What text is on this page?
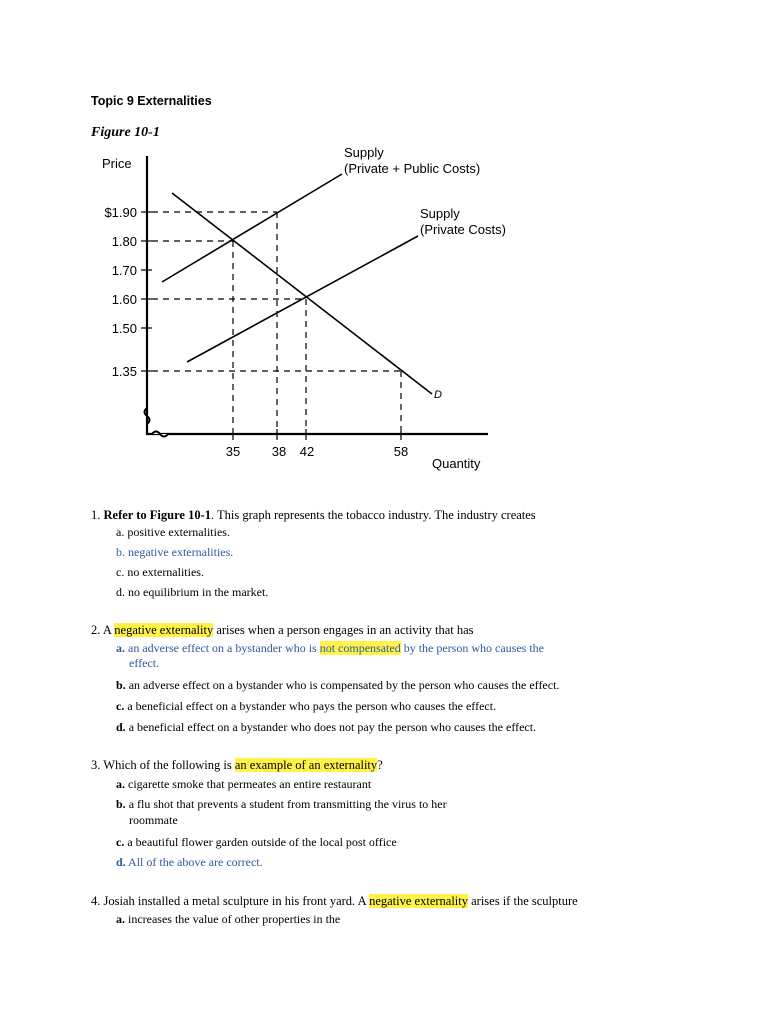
Topic 9 Externalities
Figure 10-1
Price
$1.90
1.80
1.70
1.60
1.50
1.35
35 38 42	58
Quantity
Supply
(Private + Public Costs)
Supply
(Private Costs)
D
1. Refer to Figure 10-1. This graph represents the tobacco industry. The industry creates
a. positive externalities.
b. negative externalities.
c. no externalities.
d. no equilibrium in the market.
2. A negative externality arises when a person engages in an activity that has
a. an adverse effect on a bystander who is not compensated by the person who causes the
effect.
b. an adverse effect on a bystander who is compensated by the person who causes the effect.
c. a beneficial effect on a bystander who pays the person who causes the effect.
d. a beneficial effect on a bystander who does not pay the person who causes the effect.
3. Which of the following is an example of an externality?
a. cigarette smoke that permeates an entire restaurant
b. a flu shot that prevents a student from transmitting the virus to her
roommate
c. a beautiful flower garden outside of the local post office
d. All of the above are correct.
4. Josiah installed a metal sculpture in his front yard. A negative externality arises if the sculpture
a. increases the value of other properties in the
